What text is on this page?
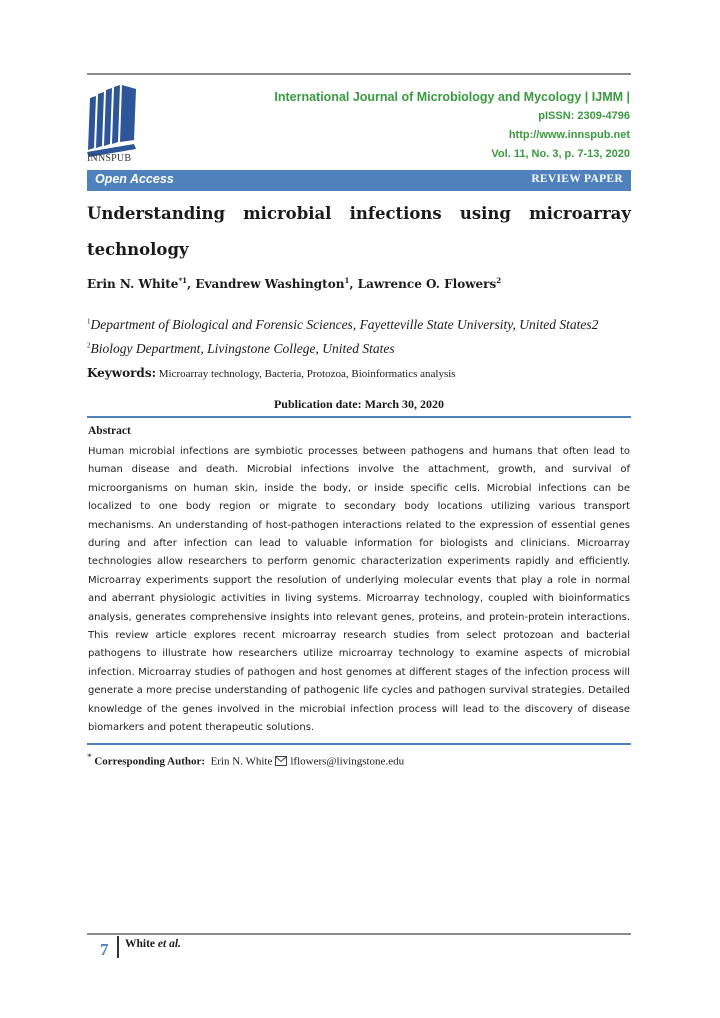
INNSPUB
International Journal of Microbiology and Mycology | IJMM |
pISSN: 2309-4796
http://www.innspub.net
Vol. 11, No. 3, p. 7-13, 2020
Open Access	REVIEW PAPER
Understanding microbial infections using microarray
technology
Erin N. White$^{*1}$, Evandrew Washington$^1$, Lawrence O. Flowers$^2$
$^1$Department of Biological and Forensic Sciences, Fayetteville State University, United States2
$^2$Biology Department, Livingstone College, United States
Keywords: Microarray technology, Bacteria, Protozoa, Bioinformatics analysis
Publication date: March 30, 2020
Abstract
Human microbial infections are symbiotic processes between pathogens and humans that often lead to human disease and death. Microbial infections involve the attachment, growth, and survival of microorganisms on human skin, inside the body, or inside specific cells. Microbial infections can be localized to one body region or migrate to secondary body locations utilizing various transport mechanisms. An understanding of host-pathogen interactions related to the expression of essential genes during and after infection can lead to valuable information for biologists and clinicians. Microarray technologies allow researchers to perform genomic characterization experiments rapidly and efficiently. Microarray experiments support the resolution of underlying molecular events that play a role in normal and aberrant physiologic activities in living systems. Microarray technology, coupled with bioinformatics analysis, generates comprehensive insights into relevant genes, proteins, and protein-protein interactions. This review article explores recent microarray research studies from select protozoan and bacterial pathogens to illustrate how researchers utilize microarray technology to examine aspects of microbial infection. Microarray studies of pathogen and host genomes at different stages of the infection process will generate a more precise understanding of pathogenic life cycles and pathogen survival strategies. Detailed knowledge of the genes involved in the microbial infection process will lead to the discovery of disease biomarkers and potent therapeutic solutions.
* Corresponding Author: Erin N. White lflowers@livingstone.edu
7 White et al.
